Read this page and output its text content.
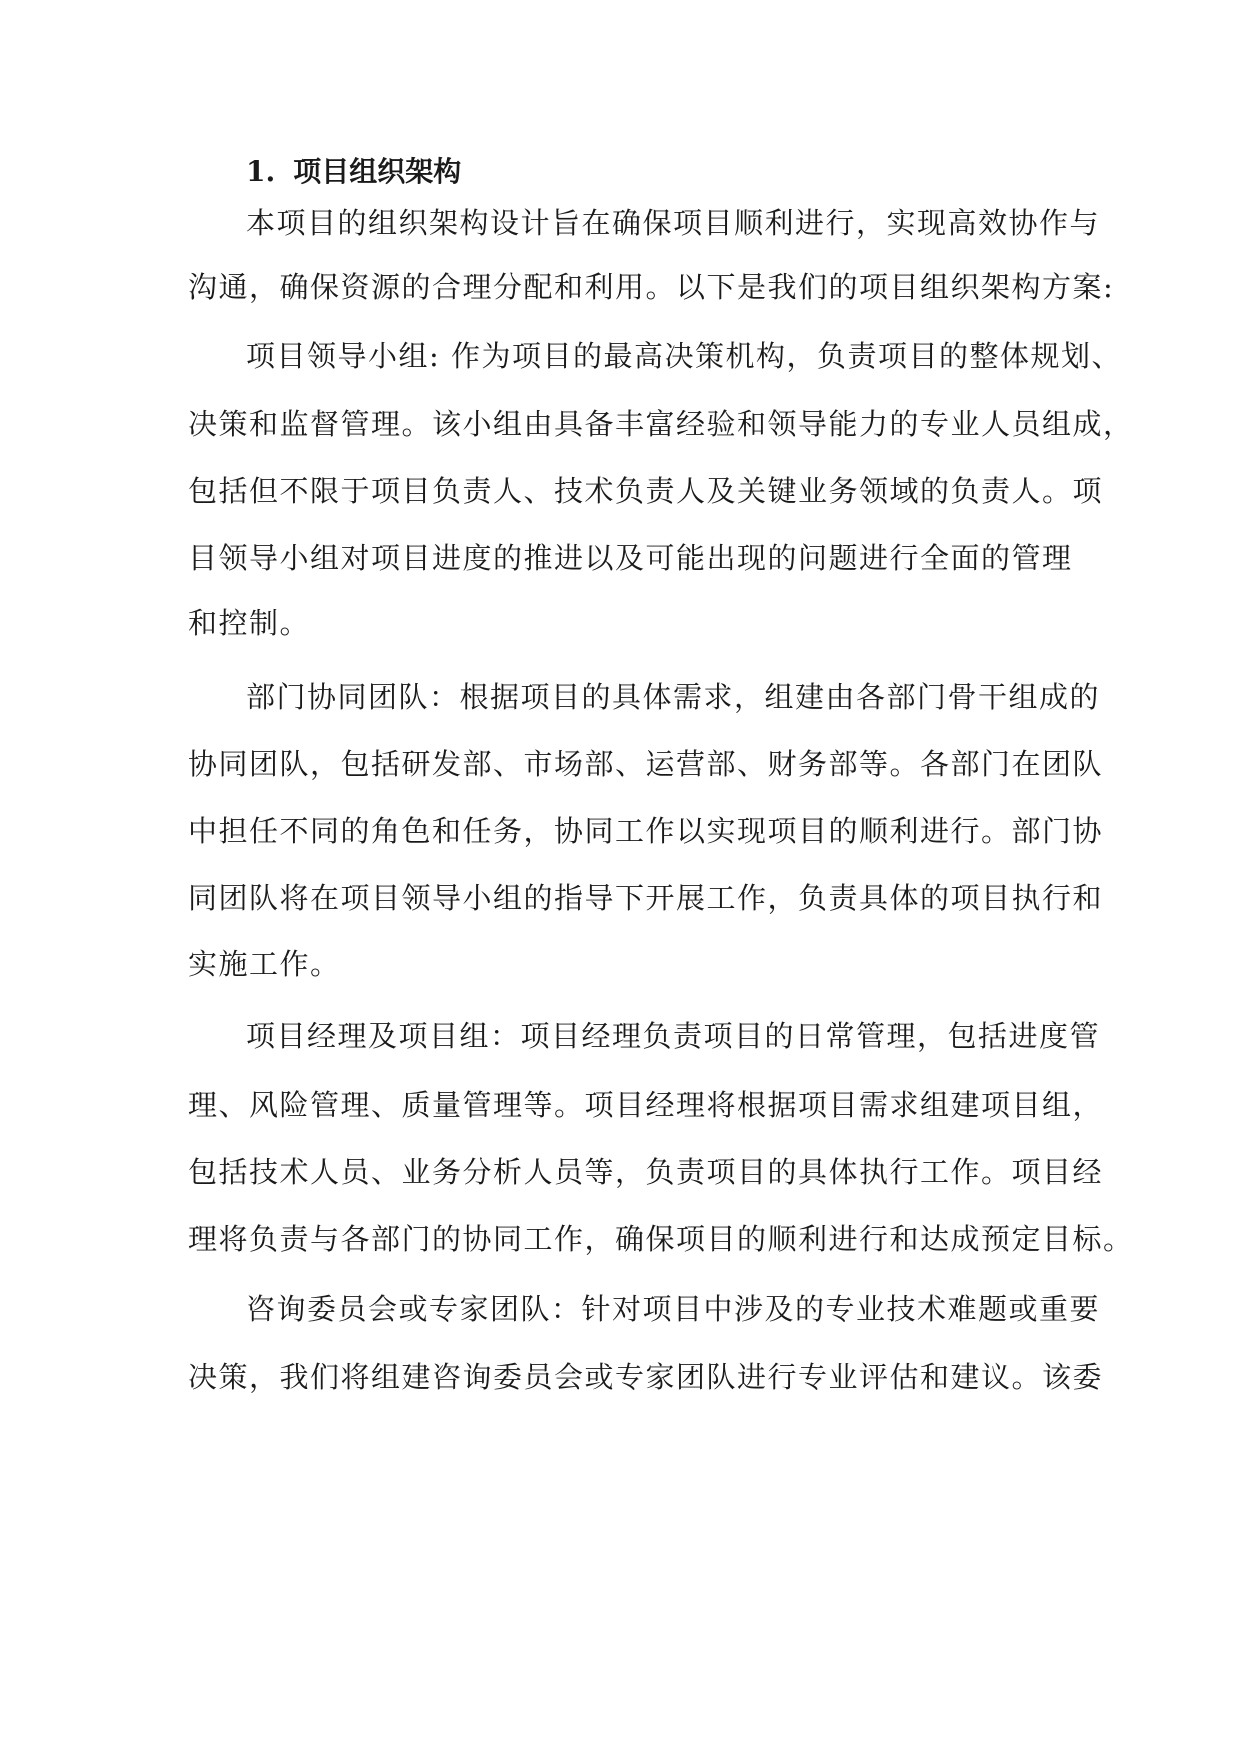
1. 项目组织架构
本项目的组织架构设计旨在确保项目顺利进行，实现高效协作与
沟通，确保资源的合理分配和利用。以下是我们的项目组织架构方案:
项目领导小组: 作为项目的最高决策机构，负责项目的整体规划、
决策和监督管理。该小组由具备丰富经验和领导能力的专业人员组成，
包括但不限于项目负责人、技术负责人及关键业务领域的负责人。项
目领导小组对项目进度的推进以及可能出现的问题进行全面的管理
和控制。
部门协同团队：根据项目的具体需求，组建由各部门骨干组成的
协同团队，包括研发部、市场部、运营部、财务部等。各部门在团队
中担任不同的角色和任务，协同工作以实现项目的顺利进行。部门协
同团队将在项目领导小组的指导下开展工作，负责具体的项目执行和
实施工作。
项目经理及项目组：项目经理负责项目的日常管理，包括进度管
理、风险管理、质量管理等。项目经理将根据项目需求组建项目组，
包括技术人员、业务分析人员等，负责项目的具体执行工作。项目经
理将负责与各部门的协同工作，确保项目的顺利进行和达成预定目标。
咨询委员会或专家团队：针对项目中涉及的专业技术难题或重要
决策，我们将组建咨询委员会或专家团队进行专业评估和建议。该委
